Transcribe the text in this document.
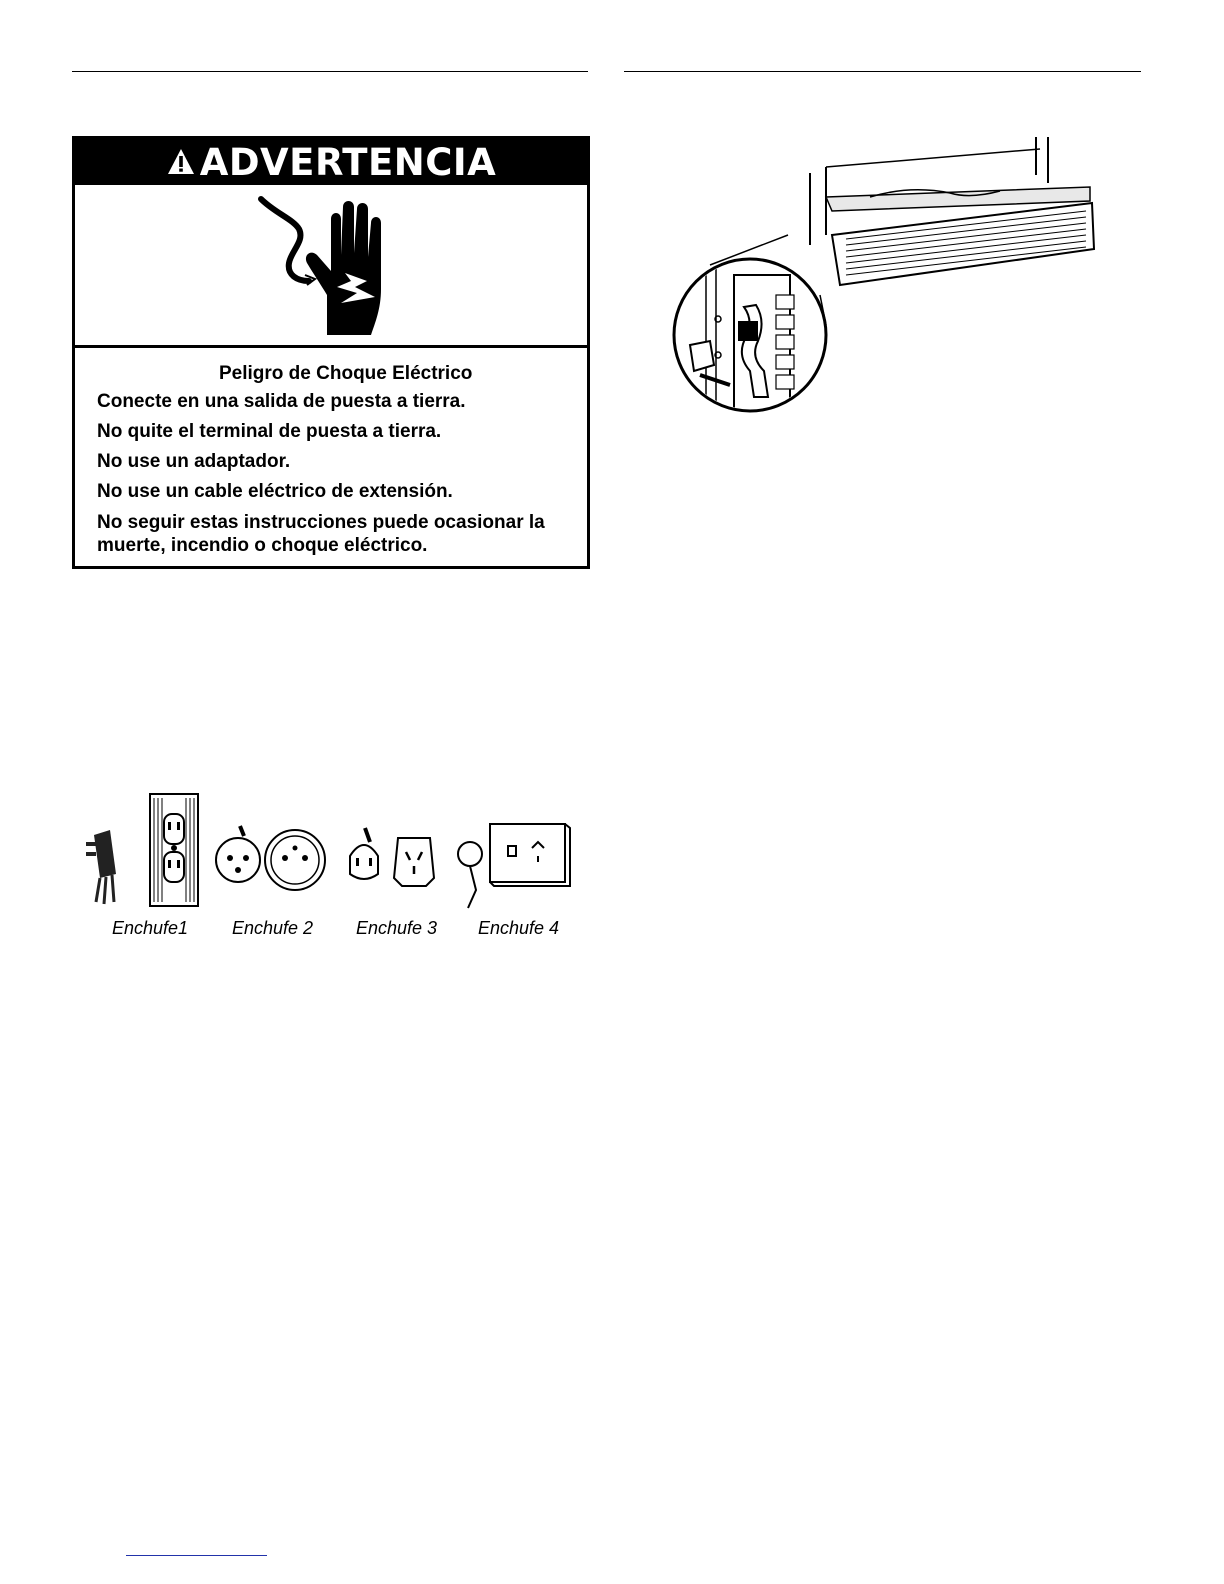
ADVERTENCIA
Peligro de Choque Eléctrico
Conecte en una salida de puesta a tierra.
No quite el terminal de puesta a tierra.
No use un adaptador.
No use un cable eléctrico de extensión.
No seguir estas instrucciones puede ocasionar la muerte, incendio o choque eléctrico.
Enchufe1 Enchufe 2 Enchufe 3 Enchufe 4
